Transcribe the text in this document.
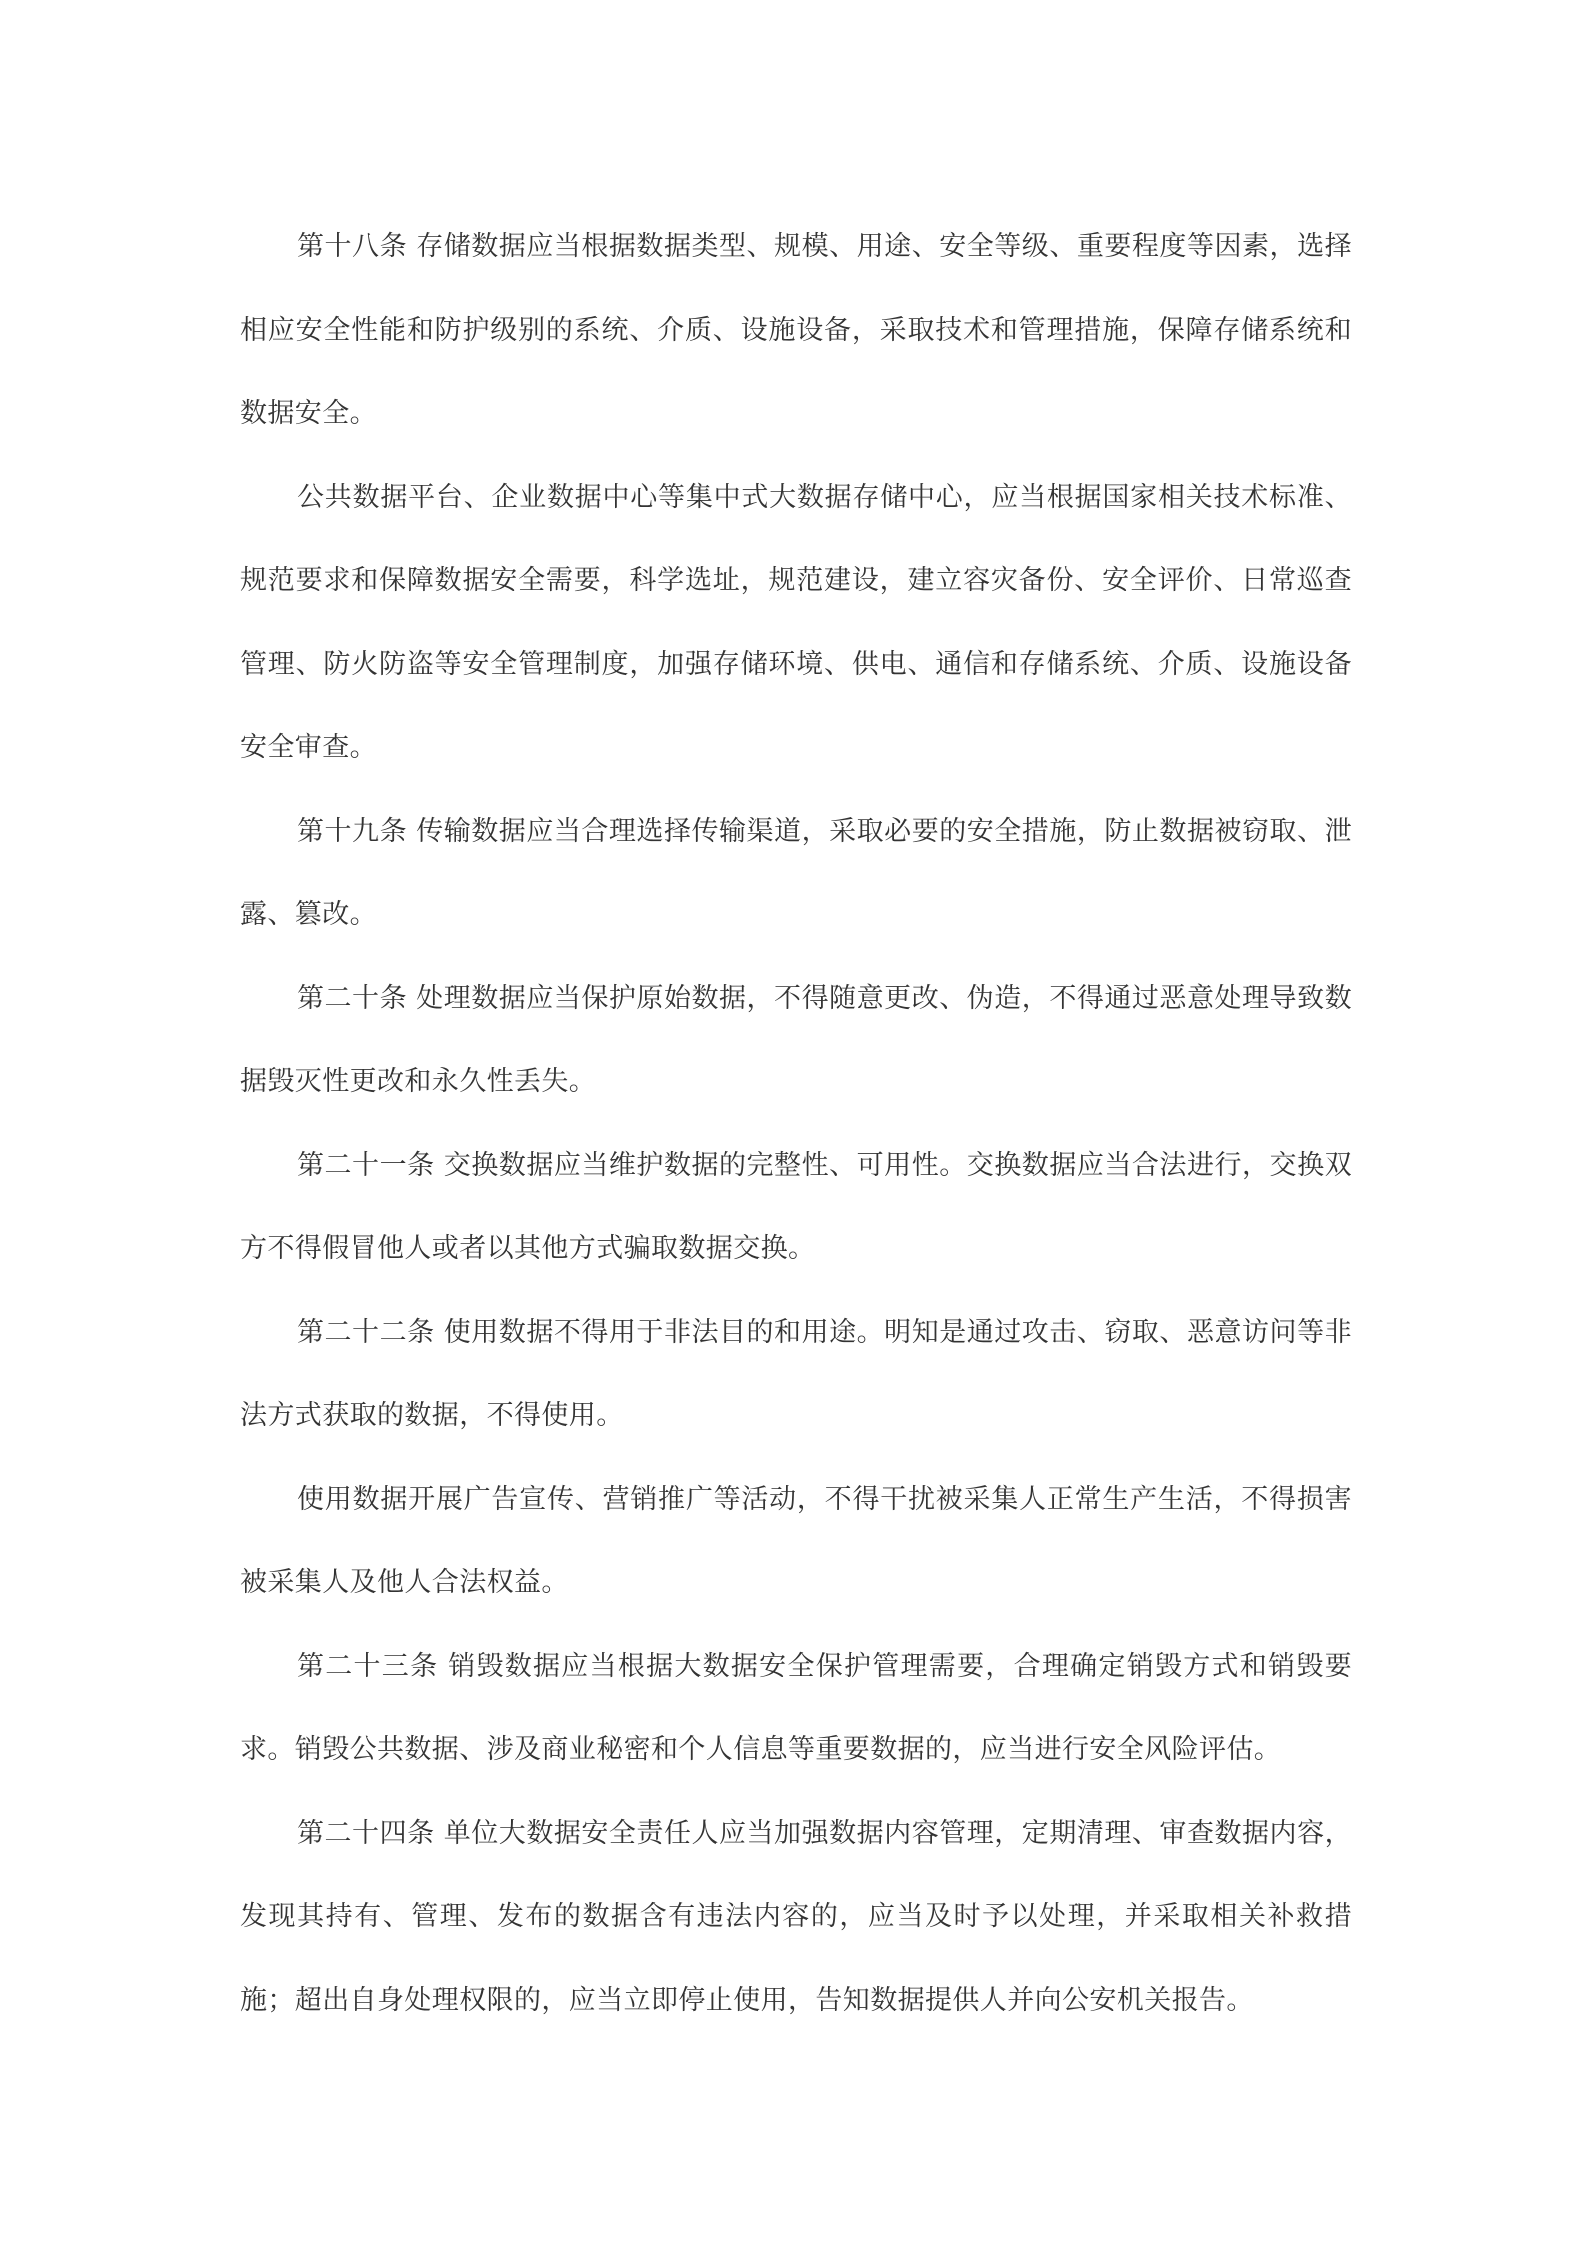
第十八条 存储数据应当根据数据类型、规模、用途、安全等级、重要程度等因素，选择相应安全性能和防护级别的系统、介质、设施设备，采取技术和管理措施，保障存储系统和数据安全。

公共数据平台、企业数据中心等集中式大数据存储中心，应当根据国家相关技术标准、规范要求和保障数据安全需要，科学选址，规范建设，建立容灾备份、安全评价、日常巡查管理、防火防盗等安全管理制度，加强存储环境、供电、通信和存储系统、介质、设施设备安全审查。

第十九条 传输数据应当合理选择传输渠道，采取必要的安全措施，防止数据被窃取、泄露、篡改。

第二十条 处理数据应当保护原始数据，不得随意更改、伪造，不得通过恶意处理导致数据毁灭性更改和永久性丢失。

第二十一条 交换数据应当维护数据的完整性、可用性。交换数据应当合法进行，交换双方不得假冒他人或者以其他方式骗取数据交换。

第二十二条 使用数据不得用于非法目的和用途。明知是通过攻击、窃取、恶意访问等非法方式获取的数据，不得使用。

使用数据开展广告宣传、营销推广等活动，不得干扰被采集人正常生产生活，不得损害被采集人及他人合法权益。

第二十三条 销毁数据应当根据大数据安全保护管理需要，合理确定销毁方式和销毁要求。销毁公共数据、涉及商业秘密和个人信息等重要数据的，应当进行安全风险评估。

第二十四条 单位大数据安全责任人应当加强数据内容管理，定期清理、审查数据内容，发现其持有、管理、发布的数据含有违法内容的，应当及时予以处理，并采取相关补救措施；超出自身处理权限的，应当立即停止使用，告知数据提供人并向公安机关报告。
